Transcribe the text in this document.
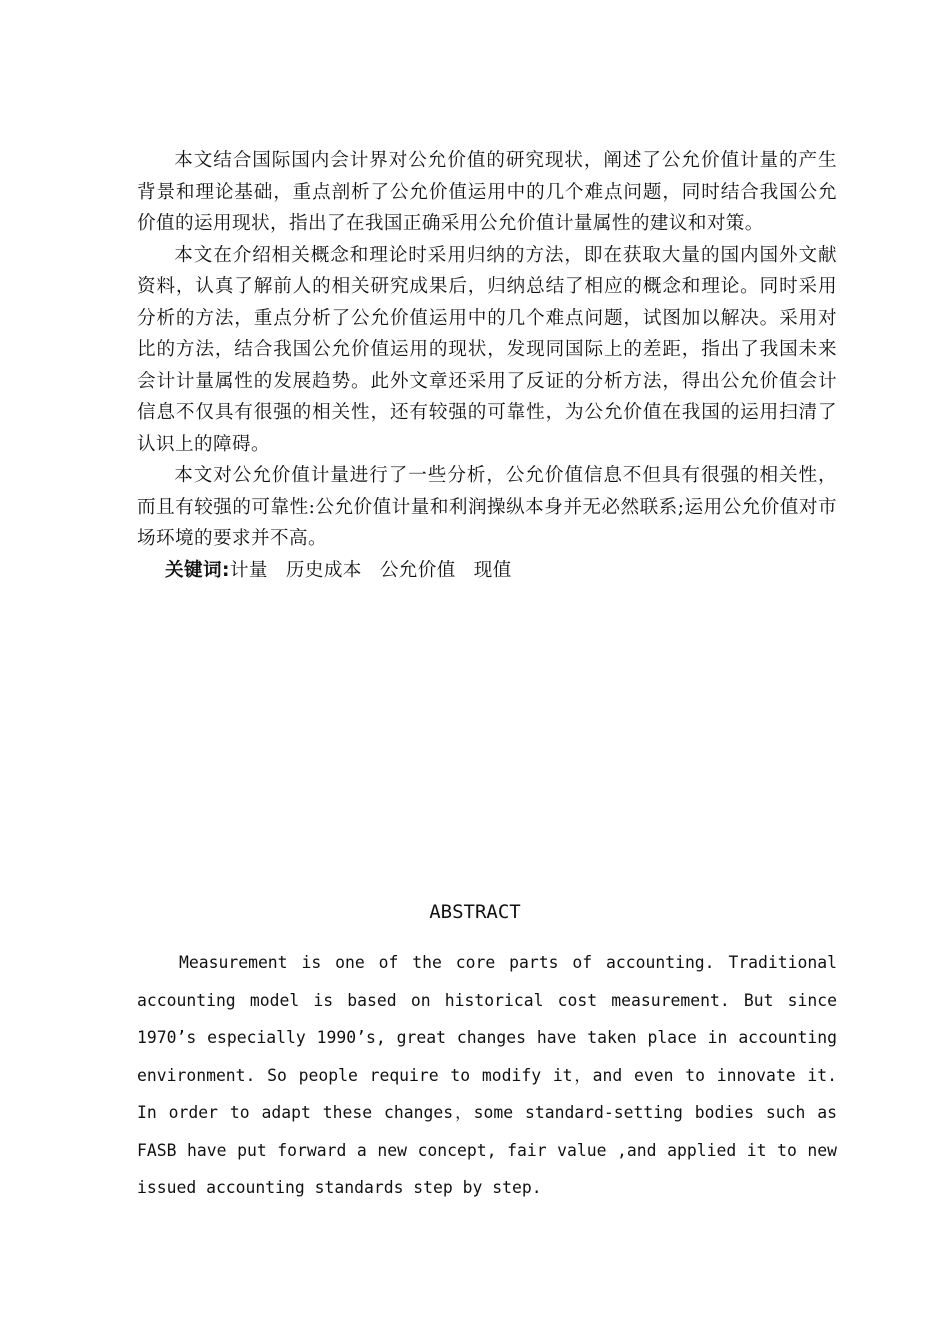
本文结合国际国内会计界对公允价值的研究现状，阐述了公允价值计量的产生背景和理论基础，重点剖析了公允价值运用中的几个难点问题，同时结合我国公允价值的运用现状，指出了在我国正确采用公允价值计量属性的建议和对策。

本文在介绍相关概念和理论时采用归纳的方法，即在获取大量的国内国外文献资料，认真了解前人的相关研究成果后，归纳总结了相应的概念和理论。同时采用分析的方法，重点分析了公允价值运用中的几个难点问题，试图加以解决。采用对比的方法，结合我国公允价值运用的现状，发现同国际上的差距，指出了我国未来会计计量属性的发展趋势。此外文章还采用了反证的分析方法，得出公允价值会计信息不仅具有很强的相关性，还有较强的可靠性，为公允价值在我国的运用扫清了认识上的障碍。

本文对公允价值计量进行了一些分析，公允价值信息不但具有很强的相关性，而且有较强的可靠性:公允价值计量和利润操纵本身并无必然联系;运用公允价值对市场环境的要求并不高。

关键词:计量 历史成本 公允价值 现值
ABSTRACT

Measurement is one of the core parts of accounting. Traditional accounting model is based on historical cost measurement. But since 1970’s especially 1990’s, great changes have taken place in accounting environment. So people require to modify it，and even to innovate it. In order to adapt these changes，some standard-setting bodies such as FASB have put forward a new concept, fair value ,and applied it to new issued accounting standards step by step.
